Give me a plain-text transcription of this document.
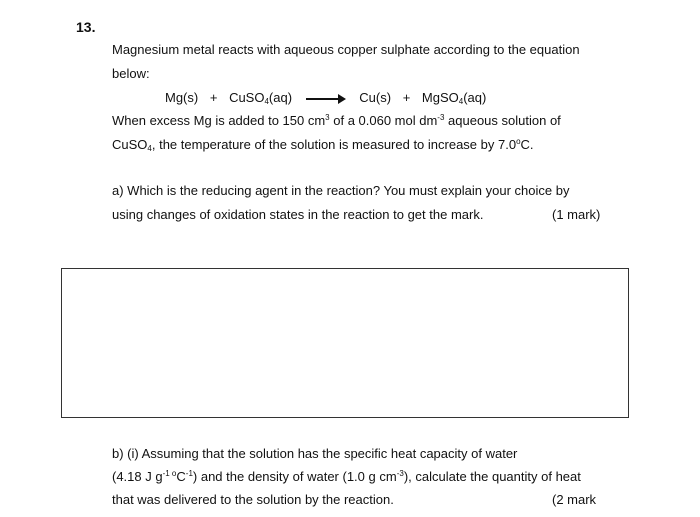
13.
Magnesium metal reacts with aqueous copper sulphate according to the equation
below:
Mg(s) + CuSO$_4$(aq)	Cu(s) + MgSO$_4$(aq)
When excess Mg is added to 150 $cm^3$ of a 0.060 mol $dm^{-3}$ aqueous solution of
CuSO$_4$, the temperature of the solution is measured to increase by 7.0$^o$C.
a) Which is the reducing agent in the reaction? You must explain your choice by
using changes of oxidation states in the reaction to get the mark.	(1 mark)
b) (i) Assuming that the solution has the specific heat capacity of water
(4.18 J $g^{-1 o}C^{-1}$) and the density of water (1.0 g $cm^{-3}$), calculate the quantity of heat
that was delivered to the solution by the reaction.	(2 mark
